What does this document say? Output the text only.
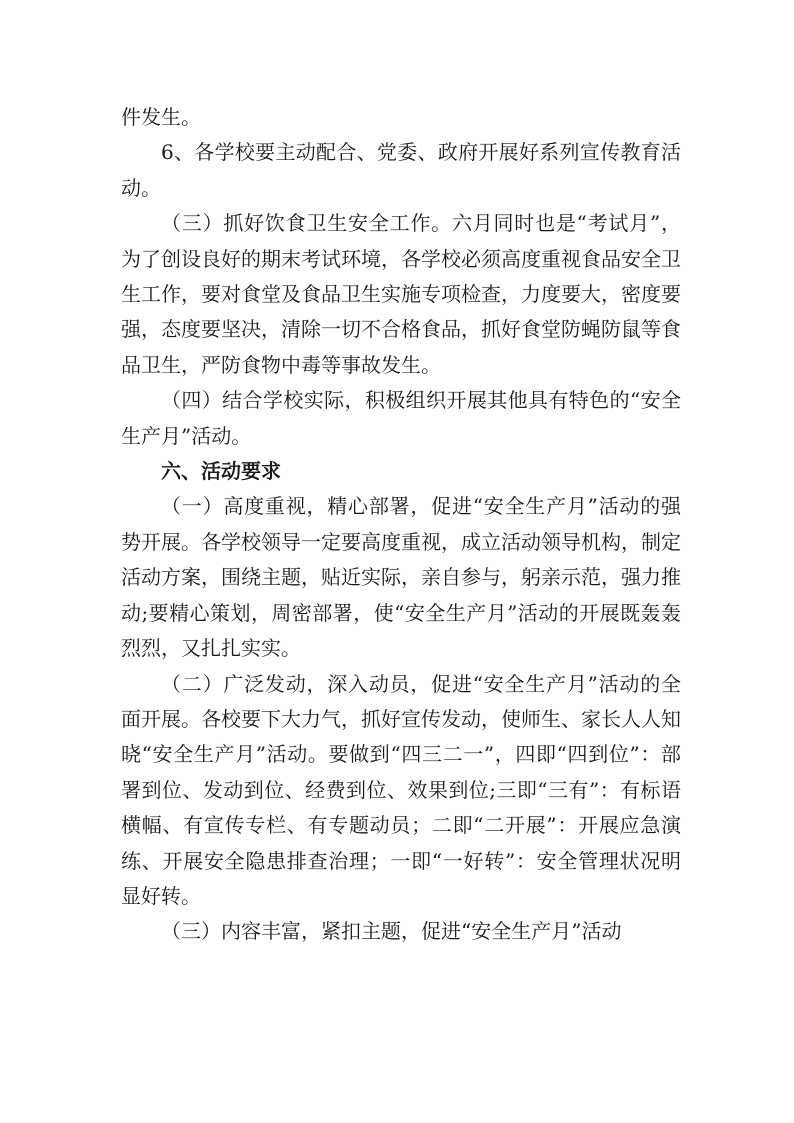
件发生。

6、各学校要主动配合、党委、政府开展好系列宣传教育活动。

（三）抓好饮食卫生安全工作。六月同时也是“考试月”，为了创设良好的期末考试环境，各学校必须高度重视食品安全卫生工作，要对食堂及食品卫生实施专项检查，力度要大，密度要强，态度要坚决，清除一切不合格食品，抓好食堂防蝇防鼠等食品卫生，严防食物中毒等事故发生。

（四）结合学校实际，积极组织开展其他具有特色的“安全生产月”活动。

六、活动要求

（一）高度重视，精心部署，促进“安全生产月”活动的强势开展。各学校领导一定要高度重视，成立活动领导机构，制定活动方案，围绕主题，贴近实际，亲自参与，躬亲示范，强力推动;要精心策划，周密部署，使“安全生产月”活动的开展既轰轰烈烈，又扎扎实实。

（二）广泛发动，深入动员，促进“安全生产月”活动的全面开展。各校要下大力气，抓好宣传发动，使师生、家长人人知晓“安全生产月”活动。要做到“四三二一”，四即“四到位”：部署到位、发动到位、经费到位、效果到位;三即“三有”：有标语横幅、有宣传专栏、有专题动员；二即“二开展”：开展应急演练、开展安全隐患排查治理；一即“一好转”：安全管理状况明显好转。

（三）内容丰富，紧扣主题，促进“安全生产月”活动
